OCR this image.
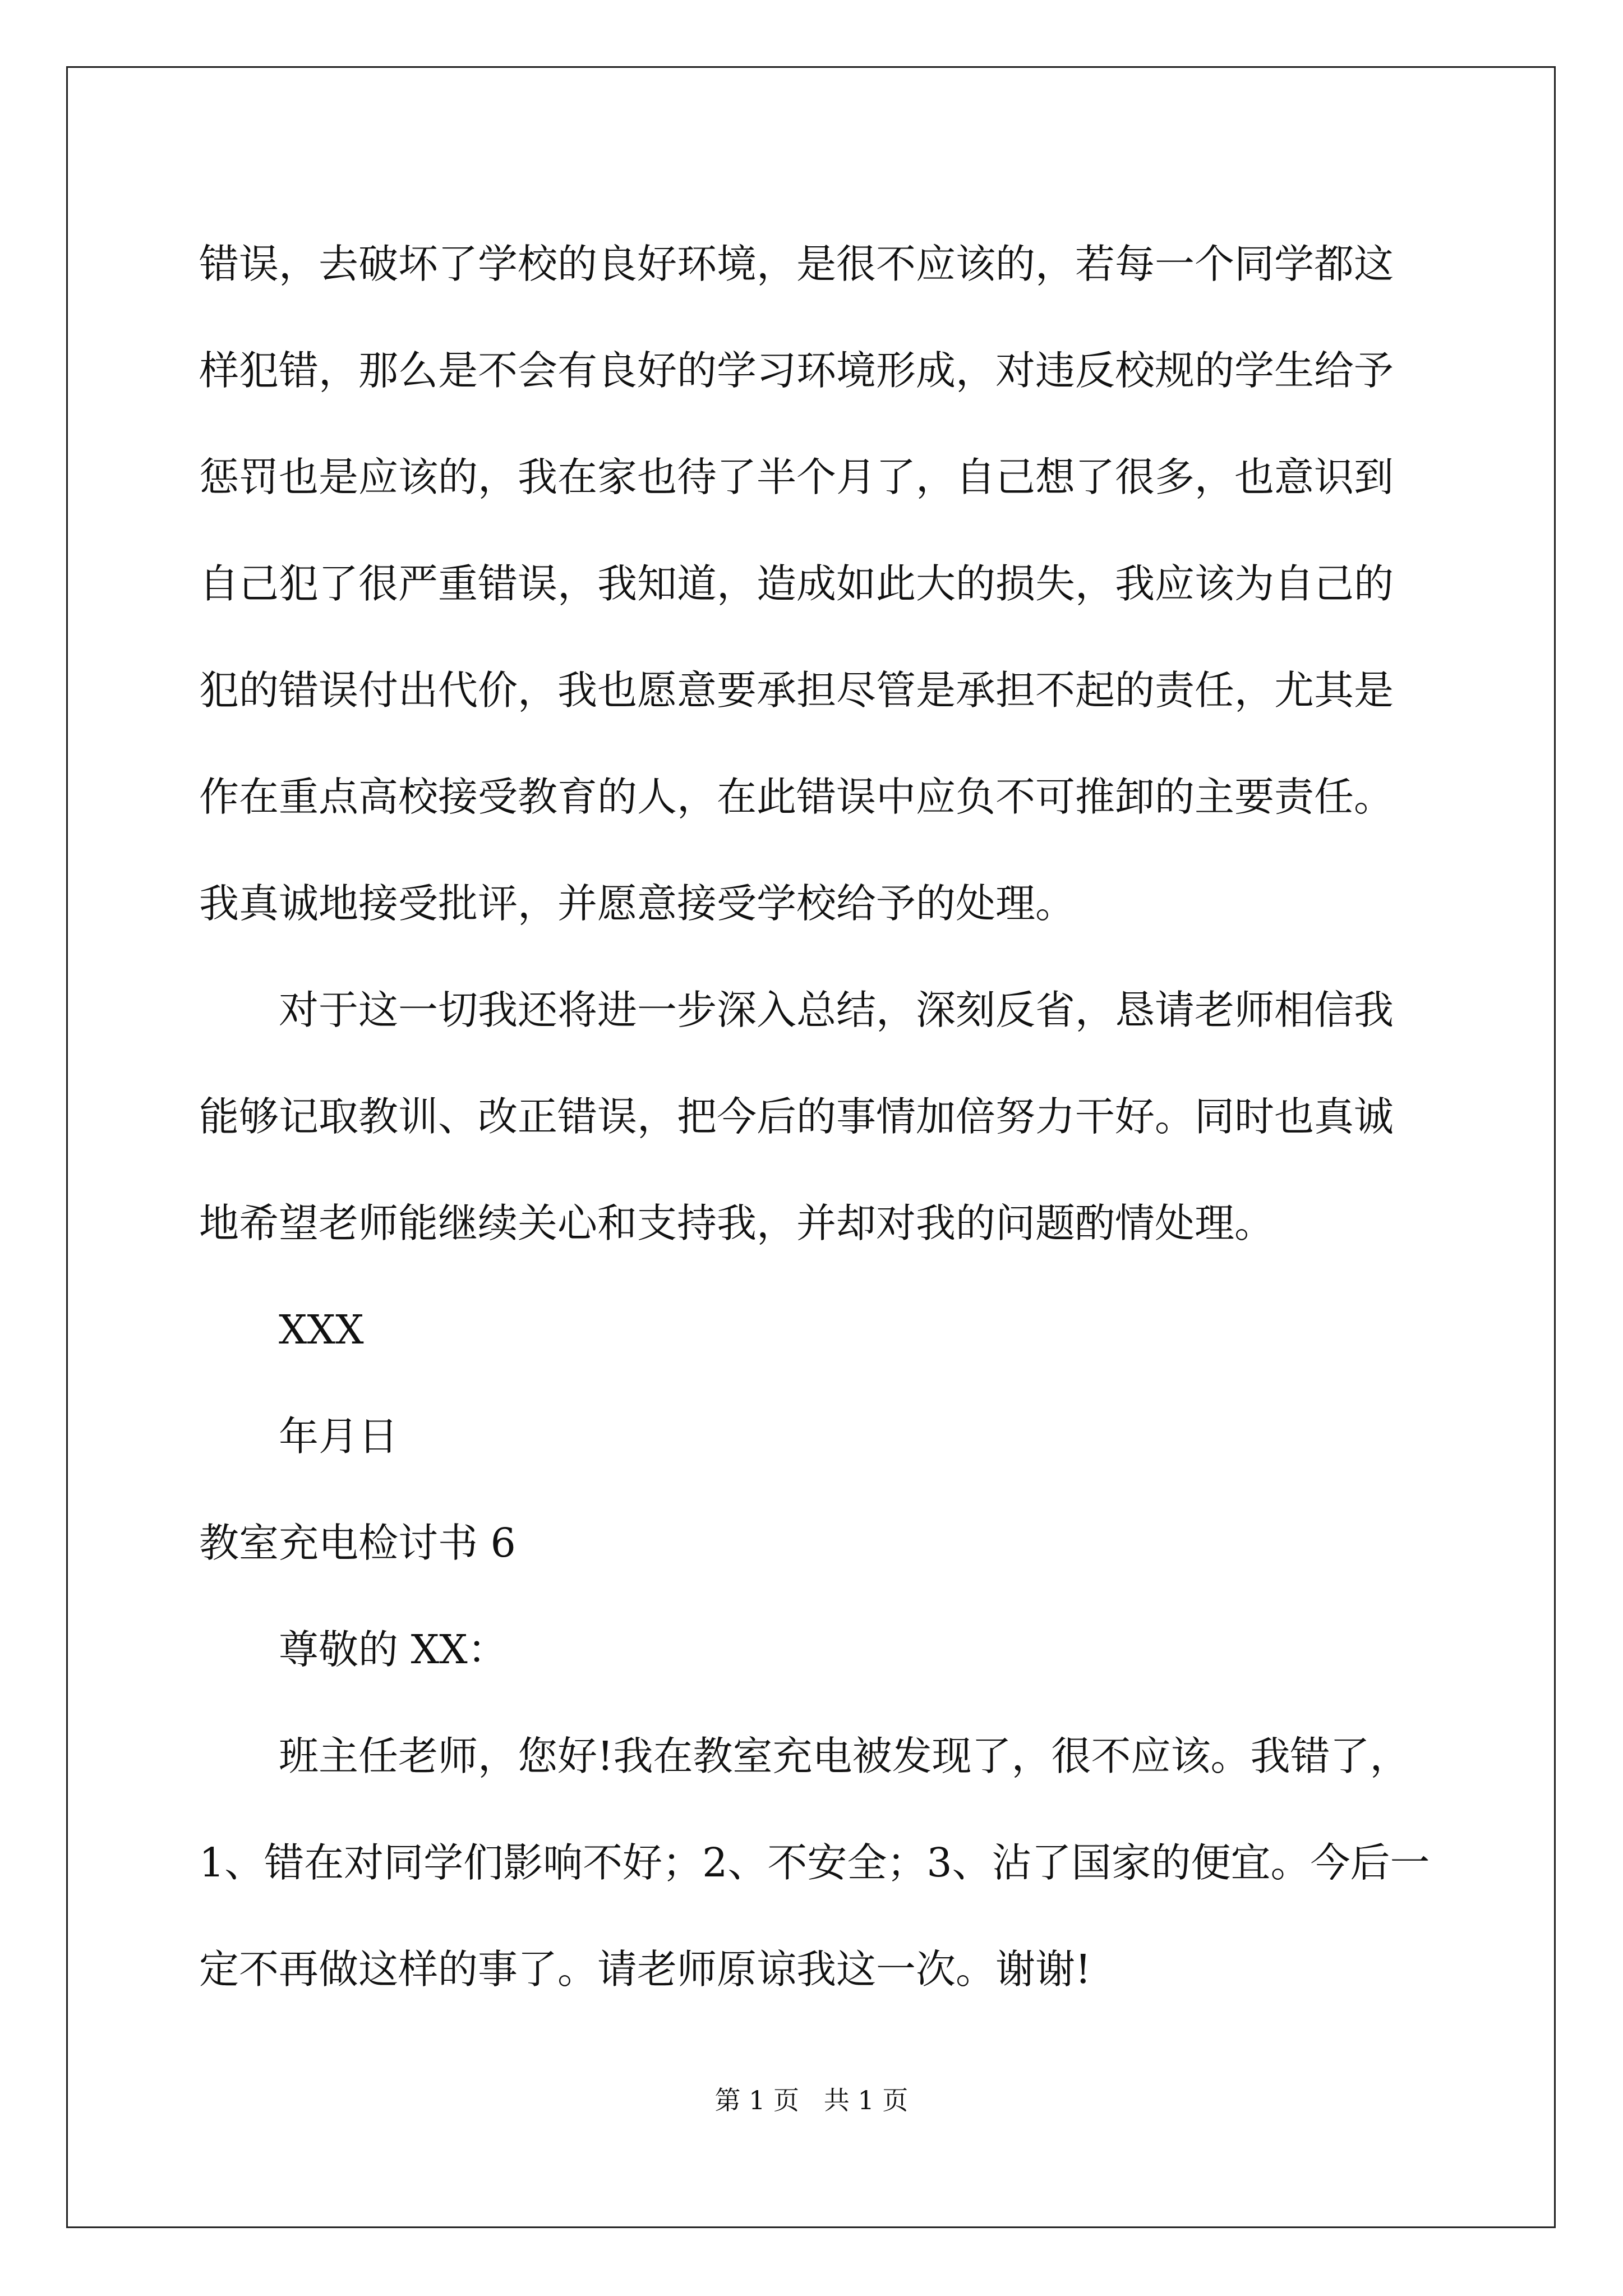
错误，去破坏了学校的良好环境，是很不应该的，若每一个同学都这
样犯错，那么是不会有良好的学习环境形成，对违反校规的学生给予
惩罚也是应该的，我在家也待了半个月了，自己想了很多，也意识到
自己犯了很严重错误，我知道，造成如此大的损失，我应该为自己的
犯的错误付出代价，我也愿意要承担尽管是承担不起的责任，尤其是
作在重点高校接受教育的人，在此错误中应负不可推卸的主要责任。
我真诚地接受批评，并愿意接受学校给予的处理。
对于这一切我还将进一步深入总结，深刻反省，恳请老师相信我
能够记取教训、改正错误，把今后的事情加倍努力干好。同时也真诚
地希望老师能继续关心和支持我，并却对我的问题酌情处理。
XXX
年月日
教室充电检讨书 6
尊敬的 XX：
班主任老师，您好!我在教室充电被发现了，很不应该。我错了，
1、错在对同学们影响不好；2、不安全；3、沾了国家的便宜。今后一
定不再做这样的事了。请老师原谅我这一次。谢谢!
第 1 页   共 1 页
